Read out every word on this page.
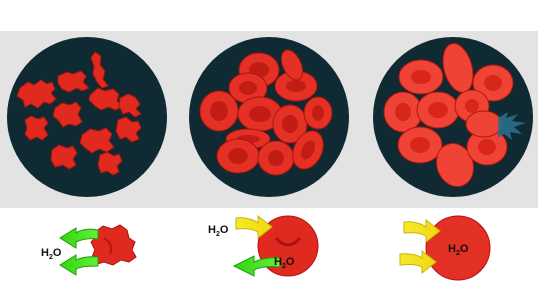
$H_2O$
$H_2O$
$H_2O$
$H_2O$
